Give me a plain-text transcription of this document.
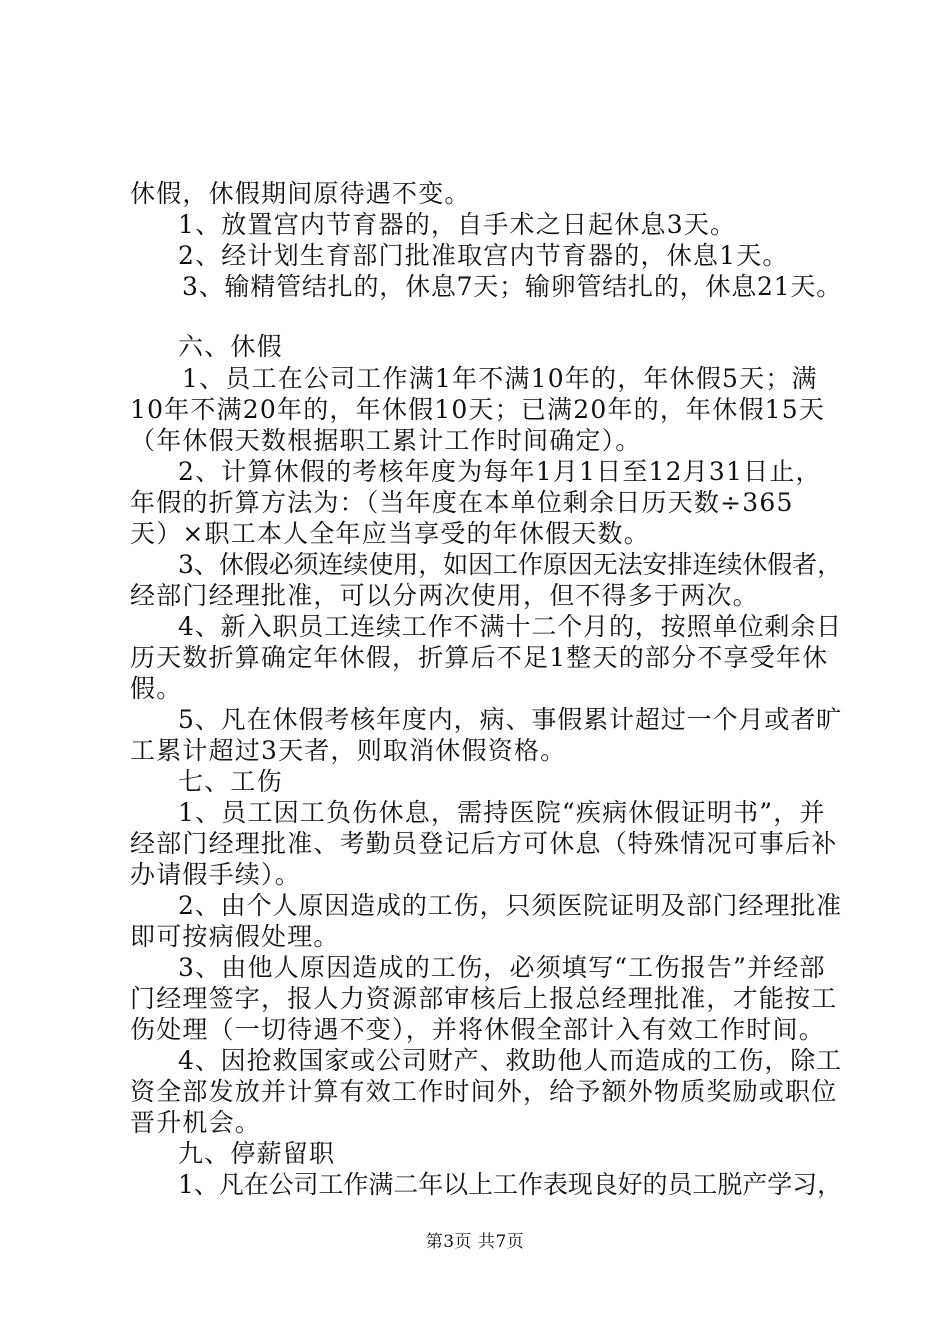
休假，休假期间原待遇不变。
1、放置宫内节育器的，自手术之日起休息3天。
2、经计划生育部门批准取宫内节育器的，休息1天。
3、输精管结扎的，休息7天；输卵管结扎的，休息21天。
六、休假
1、员工在公司工作满1年不满10年的，年休假5天；满
10年不满20年的，年休假10天；已满20年的，年休假15天
（年休假天数根据职工累计工作时间确定）。
2、计算休假的考核年度为每年1月1日至12月31日止，
年假的折算方法为：（当年度在本单位剩余日历天数÷365
天）×职工本人全年应当享受的年休假天数。
3、休假必须连续使用，如因工作原因无法安排连续休假者，
经部门经理批准，可以分两次使用，但不得多于两次。
4、新入职员工连续工作不满十二个月的，按照单位剩余日
历天数折算确定年休假，折算后不足1整天的部分不享受年休
假。
5、凡在休假考核年度内，病、事假累计超过一个月或者旷
工累计超过3天者，则取消休假资格。
七、工伤
1、员工因工负伤休息，需持医院“疾病休假证明书”，并
经部门经理批准、考勤员登记后方可休息（特殊情况可事后补
办请假手续）。
2、由个人原因造成的工伤，只须医院证明及部门经理批准
即可按病假处理。
3、由他人原因造成的工伤，必须填写“工伤报告”并经部
门经理签字，报人力资源部审核后上报总经理批准，才能按工
伤处理（一切待遇不变），并将休假全部计入有效工作时间。
4、因抢救国家或公司财产、救助他人而造成的工伤，除工
资全部发放并计算有效工作时间外，给予额外物质奖励或职位
晋升机会。
九、停薪留职
1、凡在公司工作满二年以上工作表现良好的员工脱产学习，
第3页 共7页
